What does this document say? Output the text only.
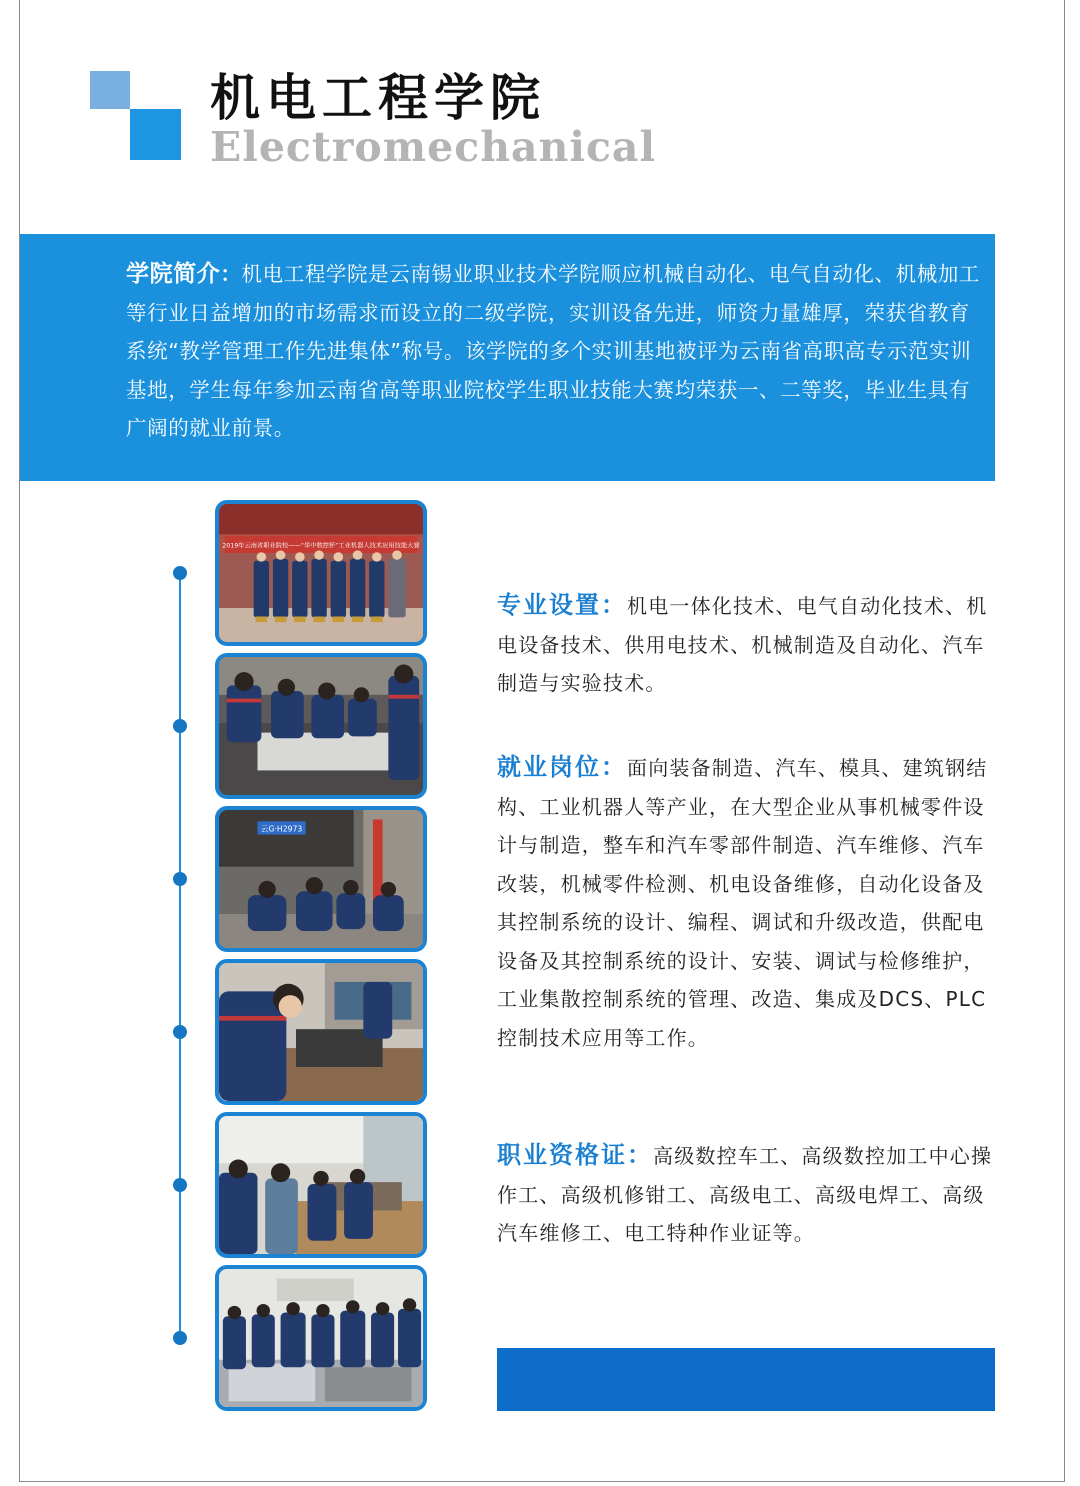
机电工程学院
Electromechanical

学院简介：机电工程学院是云南锡业职业技术学院顺应机械自动化、电气自动化、机械加工等行业日益增加的市场需求而设立的二级学院，实训设备先进，师资力量雄厚，荣获省教育系统“教学管理工作先进集体”称号。该学院的多个实训基地被评为云南省高职高专示范实训基地，学生每年参加云南省高等职业院校学生职业技能大赛均荣获一、二等奖，毕业生具有广阔的就业前景。

2019年云南省职业院校——“华中数控杯”工业机器人技术应用技能大赛
云G·H2973

专业设置：机电一体化技术、电气自动化技术、机电设备技术、供用电技术、机械制造及自动化、汽车制造与实验技术。

就业岗位：面向装备制造、汽车、模具、建筑钢结构、工业机器人等产业，在大型企业从事机械零件设计与制造，整车和汽车零部件制造、汽车维修、汽车改装，机械零件检测、机电设备维修，自动化设备及其控制系统的设计、编程、调试和升级改造，供配电设备及其控制系统的设计、安装、调试与检修维护，工业集散控制系统的管理、改造、集成及DCS、PLC控制技术应用等工作。

职业资格证：高级数控车工、高级数控加工中心操作工、高级机修钳工、高级电工、高级电焊工、高级汽车维修工、电工特种作业证等。
